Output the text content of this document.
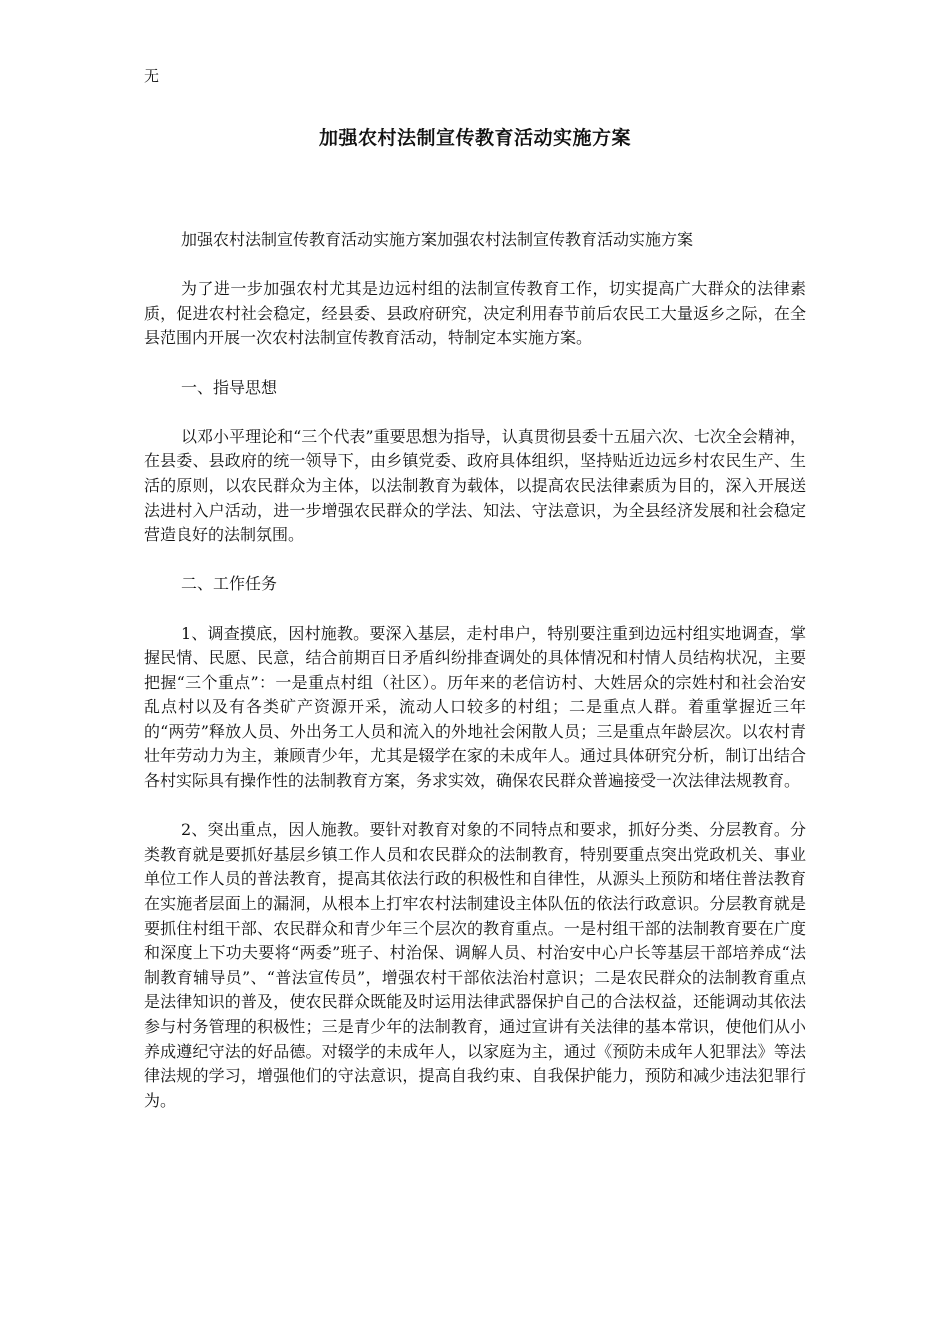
无
加强农村法制宣传教育活动实施方案

加强农村法制宣传教育活动实施方案加强农村法制宣传教育活动实施方案

为了进一步加强农村尤其是边远村组的法制宣传教育工作，切实提高广大群众的法律素质，促进农村社会稳定，经县委、县政府研究，决定利用春节前后农民工大量返乡之际，在全县范围内开展一次农村法制宣传教育活动，特制定本实施方案。

一、指导思想

以邓小平理论和“三个代表”重要思想为指导，认真贯彻县委十五届六次、七次全会精神，在县委、县政府的统一领导下，由乡镇党委、政府具体组织，坚持贴近边远乡村农民生产、生活的原则，以农民群众为主体，以法制教育为载体，以提高农民法律素质为目的，深入开展送法进村入户活动，进一步增强农民群众的学法、知法、守法意识，为全县经济发展和社会稳定营造良好的法制氛围。

二、工作任务

1、调查摸底，因村施教。要深入基层，走村串户，特别要注重到边远村组实地调查，掌握民情、民愿、民意，结合前期百日矛盾纠纷排查调处的具体情况和村情人员结构状况，主要把握“三个重点”：一是重点村组（社区）。历年来的老信访村、大姓居众的宗姓村和社会治安乱点村以及有各类矿产资源开采，流动人口较多的村组；二是重点人群。着重掌握近三年的“两劳”释放人员、外出务工人员和流入的外地社会闲散人员；三是重点年龄层次。以农村青壮年劳动力为主，兼顾青少年，尤其是辍学在家的未成年人。通过具体研究分析，制订出结合各村实际具有操作性的法制教育方案，务求实效，确保农民群众普遍接受一次法律法规教育。

2、突出重点，因人施教。要针对教育对象的不同特点和要求，抓好分类、分层教育。分类教育就是要抓好基层乡镇工作人员和农民群众的法制教育，特别要重点突出党政机关、事业单位工作人员的普法教育，提高其依法行政的积极性和自律性，从源头上预防和堵住普法教育在实施者层面上的漏洞，从根本上打牢农村法制建设主体队伍的依法行政意识。分层教育就是要抓住村组干部、农民群众和青少年三个层次的教育重点。一是村组干部的法制教育要在广度和深度上下功夫要将“两委”班子、村治保、调解人员、村治安中心户长等基层干部培养成“法制教育辅导员”、“普法宣传员”，增强农村干部依法治村意识；二是农民群众的法制教育重点是法律知识的普及，使农民群众既能及时运用法律武器保护自己的合法权益，还能调动其依法参与村务管理的积极性；三是青少年的法制教育，通过宣讲有关法律的基本常识，使他们从小养成遵纪守法的好品德。对辍学的未成年人，以家庭为主，通过《预防未成年人犯罪法》等法律法规的学习，增强他们的守法意识，提高自我约束、自我保护能力，预防和减少违法犯罪行为。
